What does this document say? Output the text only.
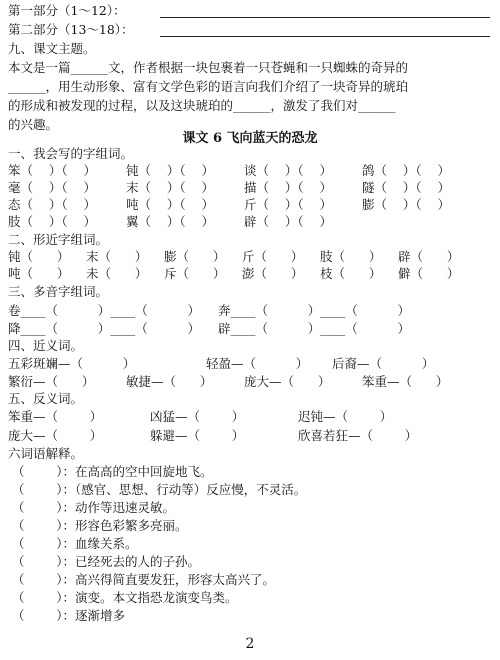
第一部分（1～12）：
第二部分（13～18）：
九、课文主题。
本文是一篇______文，作者根据一块包裹着一只苍蝇和一只蜘蛛的奇异的
______，用生动形象、富有文学色彩的语言向我们介绍了一块奇异的琥珀
的形成和被发现的过程，以及这块琥珀的______，激发了我们对______
的兴趣。
课文 6 飞向蓝天的恐龙
一、我会写的字组词。
笨（    ）（    ） 钝（    ）（    ） 谈（    ）（    ） 鸽（    ）（    ）
毫（    ）（    ） 末（    ）（    ） 描（    ）（    ） 隧（    ）（    ）
态（    ）（    ） 吨（    ）（    ） 斤（    ）（    ） 膨（    ）（    ）
肢（    ）（    ） 翼（    ）（    ） 辟（    ）（    ）
二、形近字组词。
钝（      ） 末（      ） 膨（      ） 斤（      ） 肢（      ） 辟（      ）
吨（      ） 未（      ） 斥（      ） 澎（      ） 枝（      ） 僻（      ）
三、多音字组词。
卷____（          ）____（          ） 奔____（          ）____（          ）
降____（          ）____（          ） 辟____（          ）____（          ）
四、近义词。
五彩斑斓—（          ）	轻盈—（          ） 后裔—（          ）
繁衍—（      ）	敏捷—（      ）	庞大—（      ）	笨重—（      ）
五、反义词。
笨重—（        ）	凶猛—（        ）	迟钝—（        ）
庞大—（        ）	躲避—（        ）	欣喜若狂—（        ）
六词语解释。
（        ）：在高高的空中回旋地飞。
（        ）：（感官、思想、行动等）反应慢，不灵活。
（        ）：动作等迅速灵敏。
（        ）：形容色彩繁多亮丽。
（        ）：血缘关系。
（        ）：已经死去的人的子孙。
（        ）：高兴得简直要发狂，形容太高兴了。
（        ）：演变。本文指恐龙演变鸟类。
（        ）：逐渐增多
2
